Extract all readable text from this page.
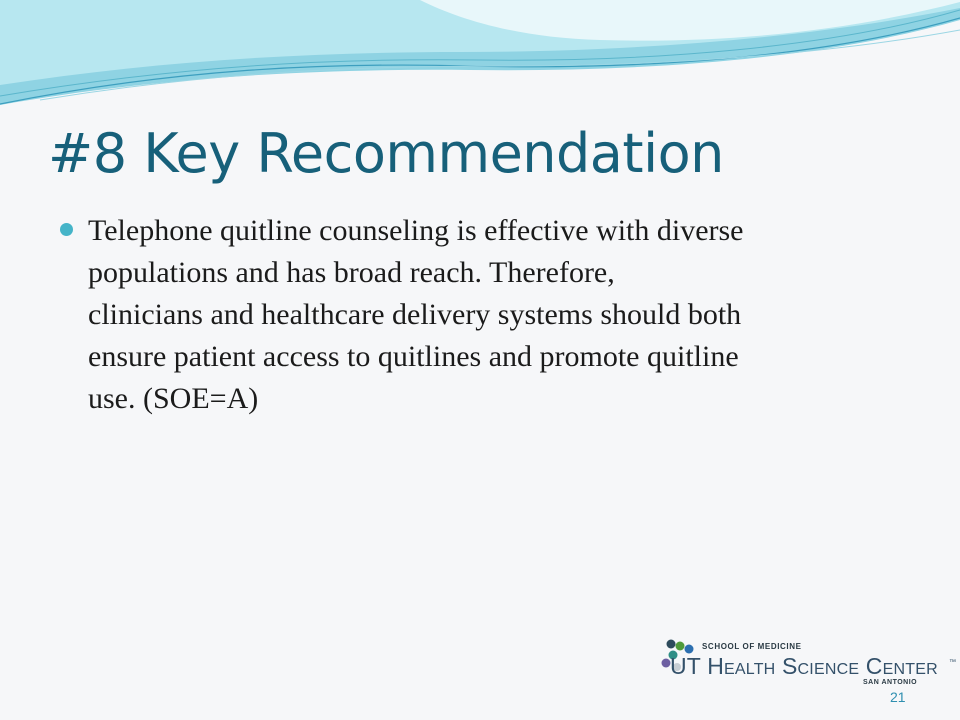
#8 Key Recommendation
Telephone quitline counseling is effective with diverse
populations and has broad reach. Therefore,
clinicians and healthcare delivery systems should both
ensure patient access to quitlines and promote quitline
use. (SOE=A)
SCHOOL OF MEDICINE
UT Health Science Center ™
SAN ANTONIO
21
